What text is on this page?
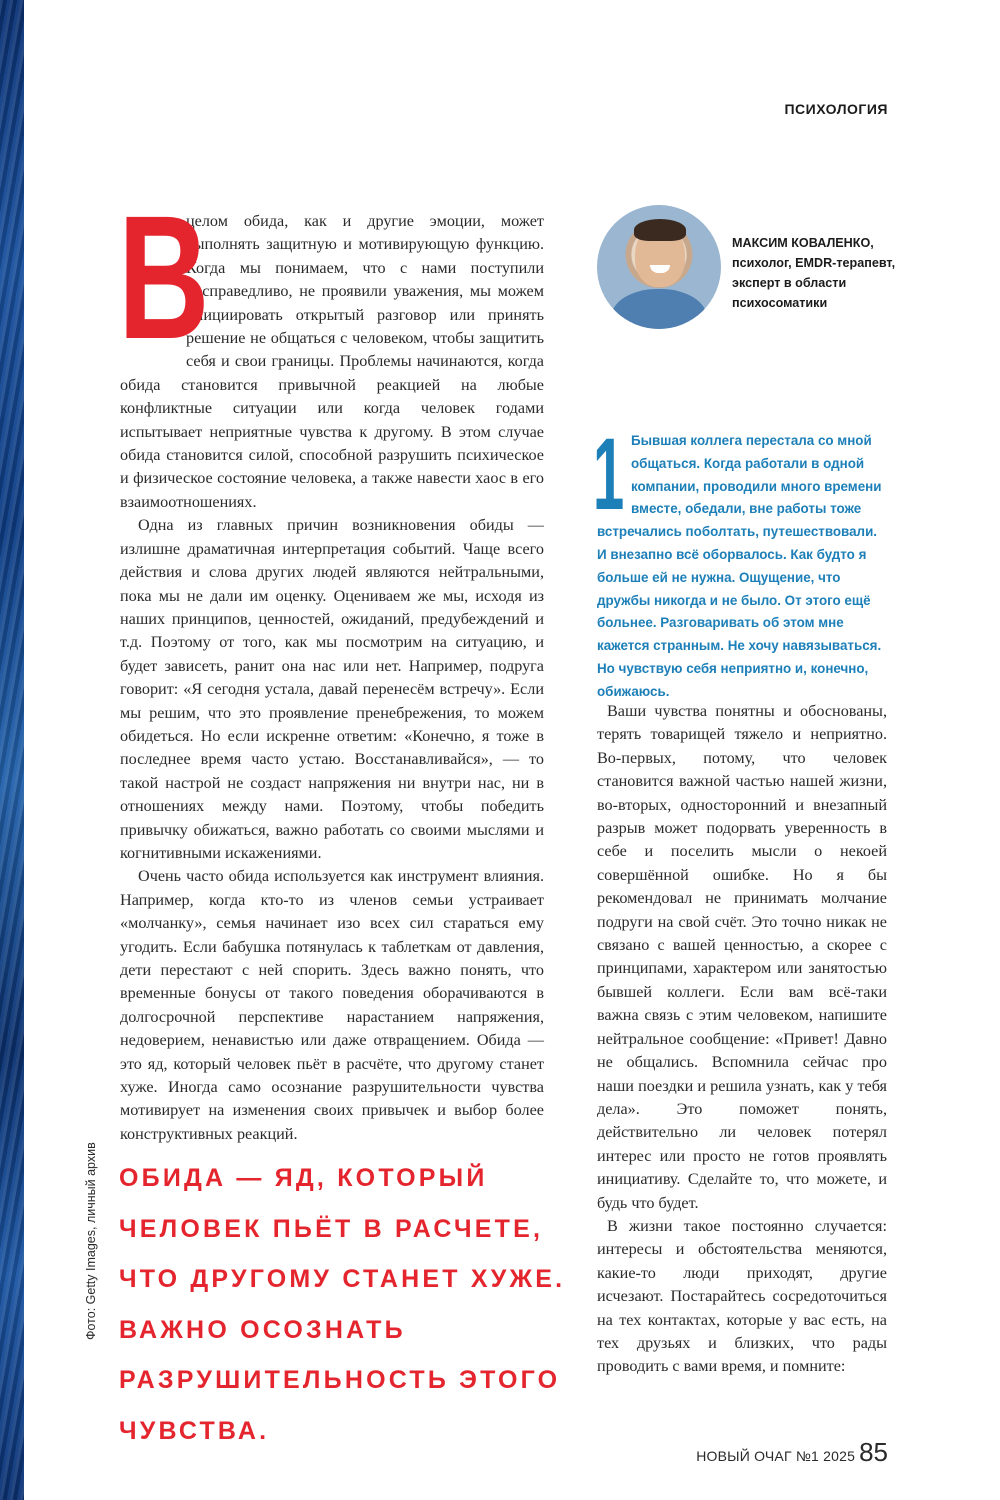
ПСИХОЛОГИЯ

В
целом обида, как и другие эмоции, может выполнять защитную и мотивирующую функцию. Когда мы понимаем, что с нами поступили несправедливо, не проявили уважения, мы можем инициировать открытый разговор или принять решение не общаться с человеком, чтобы защитить себя и свои границы. Проблемы начинаются, когда обида становится привычной реакцией на любые конфликтные ситуации или когда человек годами испытывает неприятные чувства к другому. В этом случае обида становится силой, способной разрушить психическое и физическое состояние человека, а также навести хаос в его взаимоотношениях.

Одна из главных причин возникновения обиды — излишне драматичная интерпретация событий. Чаще всего действия и слова других людей являются нейтральными, пока мы не дали им оценку. Оцениваем же мы, исходя из наших принципов, ценностей, ожиданий, предубеждений и т.д. Поэтому от того, как мы посмотрим на ситуацию, и будет зависеть, ранит она нас или нет. Например, подруга говорит: «Я сегодня устала, давай перенесём встречу». Если мы решим, что это проявление пренебрежения, то можем обидеться. Но если искренне ответим: «Конечно, я тоже в последнее время часто устаю. Восстанавливайся», — то такой настрой не создаст напряжения ни внутри нас, ни в отношениях между нами. Поэтому, чтобы победить привычку обижаться, важно работать со своими мыслями и когнитивными искажениями.

Очень часто обида используется как инструмент влияния. Например, когда кто-то из членов семьи устраивает «молчанку», семья начинает изо всех сил стараться ему угодить. Если бабушка потянулась к таблеткам от давления, дети перестают с ней спорить. Здесь важно понять, что временные бонусы от такого поведения оборачиваются в долгосрочной перспективе нарастанием напряжения, недоверием, ненавистью или даже отвращением. Обида — это яд, который человек пьёт в расчёте, что другому станет хуже. Иногда само осознание разрушительности чувства мотивирует на изменения своих привычек и выбор более конструктивных реакций.

МАКСИМ КОВАЛЕНКО,
психолог, EMDR-терапевт, эксперт в области психосоматики
1 Бывшая коллега перестала со мной общаться. Когда работали в одной компании, проводили много времени вместе, обедали, вне работы тоже встречались поболтать, путешествовали. И внезапно всё оборвалось. Как будто я больше ей не нужна. Ощущение, что дружбы никогда и не было. От этого ещё больнее. Разговаривать об этом мне кажется странным. Не хочу навязываться. Но чувствую себя неприятно и, конечно, обижаюсь.

Ваши чувства понятны и обоснованы, терять товарищей тяжело и неприятно. Во-первых, потому, что человек становится важной частью нашей жизни, во-вторых, односторонний и внезапный разрыв может подорвать уверенность в себе и поселить мысли о некоей совершённой ошибке. Но я бы рекомендовал не принимать молчание подруги на свой счёт. Это точно никак не связано с вашей ценностью, а скорее с принципами, характером или занятостью бывшей коллеги. Если вам всё-таки важна связь с этим человеком, напишите нейтральное сообщение: «Привет! Давно не общались. Вспомнила сейчас про наши поездки и решила узнать, как у тебя дела». Это поможет понять, действительно ли человек потерял интерес или просто не готов проявлять инициативу. Сделайте то, что можете, и будь что будет.

В жизни такое постоянно случается: интересы и обстоятельства меняются, какие-то люди приходят, другие исчезают. Постарайтесь сосредоточиться на тех контактах, которые у вас есть, на тех друзьях и близких, что рады проводить с вами время, и помните:

ОБИДА — ЯД, КОТОРЫЙ ЧЕЛОВЕК ПЬЁТ В РАСЧЕТЕ, ЧТО ДРУГОМУ СТАНЕТ ХУЖЕ. ВАЖНО ОСОЗНАТЬ РАЗРУШИТЕЛЬНОСТЬ ЭТОГО ЧУВСТВА.
Фото: Getty Images, личный архив
НОВЫЙ ОЧАГ №1 2025 85
